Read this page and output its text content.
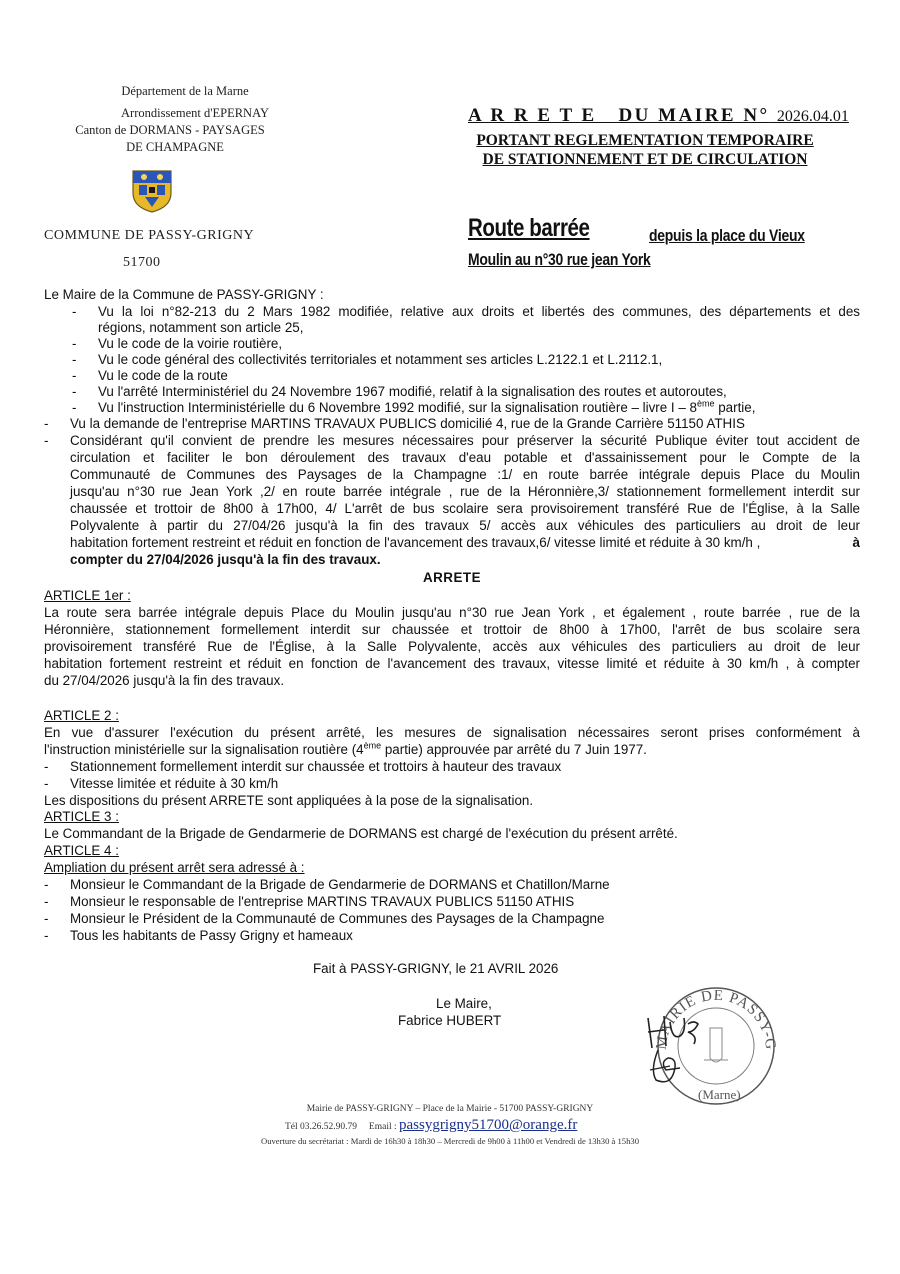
Département de la Marne
Arrondissement d'EPERNAY
Canton de DORMANS - PAYSAGES
DE CHAMPAGNE
COMMUNE DE PASSY-GRIGNY
51700
A R R E T E   DU MAIRE N° 2026.04.01
PORTANT REGLEMENTATION TEMPORAIRE
DE STATIONNEMENT ET DE CIRCULATION
Route barrée	depuis la place du Vieux
Moulin au n°30 rue jean York
Le Maire de la Commune de PASSY-GRIGNY :
-	Vu la loi n°82-213 du 2 Mars 1982 modifiée, relative aux droits et libertés des communes, des départements et des
régions, notamment son article 25,
-	Vu le code de la voirie routière,
-	Vu le code général des collectivités territoriales et notamment ses articles L.2122.1 et L.2112.1,
-	Vu le code de la route
-	Vu l'arrêté Interministériel du 24 Novembre 1967 modifié, relatif à la signalisation des routes et autoroutes,
-	Vu l'instruction Interministérielle du 6 Novembre 1992 modifié, sur la signalisation routière – livre I – 8ème partie,
-	Vu la demande de l'entreprise MARTINS TRAVAUX PUBLICS domicilié 4, rue de la Grande Carrière 51150 ATHIS
-	Considérant qu'il convient de prendre les mesures nécessaires pour préserver la sécurité Publique éviter tout accident de
circulation et faciliter le bon déroulement des travaux d'eau potable et d'assainissement pour le Compte de la
Communauté de Communes des Paysages de la Champagne :1/ en route barrée intégrale depuis Place du Moulin
jusqu'au n°30 rue Jean York ,2/ en route barrée intégrale , rue de la Héronnière,3/ stationnement formellement interdit sur
chaussée et trottoir de 8h00 à 17h00, 4/ L'arrêt de bus scolaire sera provisoirement transféré Rue de l'Église, à la Salle
Polyvalente à partir du 27/04/26 jusqu'à la fin des travaux 5/ accès aux véhicules des particuliers au droit de leur
habitation fortement restreint et réduit en fonction de l'avancement des travaux,6/ vitesse limité et réduite à 30 km/h ,	à
compter du 27/04/2026 jusqu'à la fin des travaux.
ARRETE
ARTICLE 1er :
La route sera barrée intégrale depuis Place du Moulin jusqu'au n°30 rue Jean York , et également , route barrée , rue de la
Héronnière, stationnement formellement interdit sur chaussée et trottoir de 8h00 à 17h00, l'arrêt de bus scolaire sera
provisoirement transféré Rue de l'Église, à la Salle Polyvalente, accès aux véhicules des particuliers au droit de leur
habitation fortement restreint et réduit en fonction de l'avancement des travaux, vitesse limité et réduite à 30 km/h , à compter
du 27/04/2026 jusqu'à la fin des travaux.
ARTICLE 2 :
En vue d'assurer l'exécution du présent arrêté, les mesures de signalisation nécessaires seront prises conformément à
l'instruction ministérielle sur la signalisation routière (4ème partie) approuvée par arrêté du 7 Juin 1977.
-	Stationnement formellement interdit sur chaussée et trottoirs à hauteur des travaux
-	Vitesse limitée et réduite à 30 km/h
Les dispositions du présent ARRETE sont appliquées à la pose de la signalisation.
ARTICLE 3 :
Le Commandant de la Brigade de Gendarmerie de DORMANS est chargé de l'exécution du présent arrêté.
ARTICLE 4 :
Ampliation du présent arrêt sera adressé à :
-	Monsieur le Commandant de la Brigade de Gendarmerie de DORMANS et Chatillon/Marne
-	Monsieur le responsable de l'entreprise MARTINS TRAVAUX PUBLICS 51150 ATHIS
-	Monsieur le Président de la Communauté de Communes des Paysages de la Champagne
-	Tous les habitants de Passy Grigny et hameaux
Fait à PASSY-GRIGNY, le 21 AVRIL 2026
Le Maire,
Fabrice HUBERT
MAIRIE DE PASSY-G
(Marne)
Mairie de PASSY-GRIGNY – Place de la Mairie - 51700 PASSY-GRIGNY
Tél 03.26.52.90.79 Email : passygrigny51700@orange.fr
Ouverture du secrétariat : Mardi de 16h30 à 18h30 – Mercredi de 9h00 à 11h00 et Vendredi de 13h30 à 15h30
